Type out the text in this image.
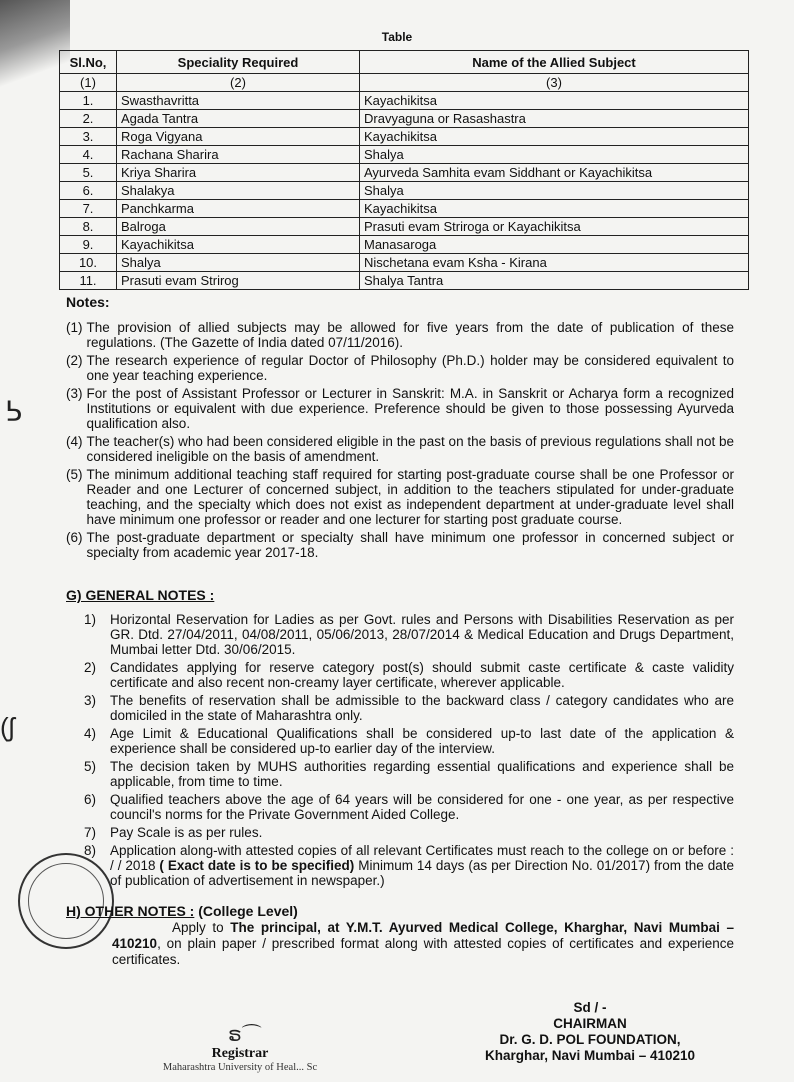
Table
Sl.No,	Speciality Required	Name of the Allied Subject
(1)	(2)	(3)
1.	Swasthavritta	Kayachikitsa
2.	Agada Tantra	Dravyaguna or Rasashastra
3.	Roga Vigyana	Kayachikitsa
4.	Rachana Sharira	Shalya
5.	Kriya Sharira	Ayurveda Samhita evam Siddhant or Kayachikitsa
6.	Shalakya	Shalya
7.	Panchkarma	Kayachikitsa
8.	Balroga	Prasuti evam Striroga or Kayachikitsa
9.	Kayachikitsa	Manasaroga
10.	Shalya	Nischetana evam Ksha - Kirana
11.	Prasuti evam Strirog	Shalya Tantra
Notes:
(1) The provision of allied subjects may be allowed for five years from the date of publication of these regulations. (The Gazette of India dated 07/11/2016).
(2) The research experience of regular Doctor of Philosophy (Ph.D.) holder may be considered equivalent to one year teaching experience.
(3) For the post of Assistant Professor or Lecturer in Sanskrit: M.A. in Sanskrit or Acharya form a recognized Institutions or equivalent with due experience. Preference should be given to those possessing Ayurveda qualification also.
(4) The teacher(s) who had been considered eligible in the past on the basis of previous regulations shall not be considered ineligible on the basis of amendment.
(5) The minimum additional teaching staff required for starting post-graduate course shall be one Professor or Reader and one Lecturer of concerned subject, in addition to the teachers stipulated for under-graduate teaching, and the specialty which does not exist as independent department at under-graduate level shall have minimum one professor or reader and one lecturer for starting post graduate course.
(6) The post-graduate department or specialty shall have minimum one professor in concerned subject or specialty from academic year 2017-18.
G) GENERAL NOTES :
1)	Horizontal Reservation for Ladies as per Govt. rules and Persons with Disabilities Reservation as per GR. Dtd. 27/04/2011, 04/08/2011, 05/06/2013, 28/07/2014 & Medical Education and Drugs Department, Mumbai letter Dtd. 30/06/2015.
2)	Candidates applying for reserve category post(s) should submit caste certificate & caste validity certificate and also recent non-creamy layer certificate, wherever applicable.
3)	The benefits of reservation shall be admissible to the backward class / category candidates who are domiciled in the state of Maharashtra only.
4)	Age Limit & Educational Qualifications shall be considered up-to last date of the application & experience shall be considered up-to earlier day of the interview.
5)	The decision taken by MUHS authorities regarding essential qualifications and experience shall be applicable, from time to time.
6)	Qualified teachers above the age of 64 years will be considered for one - one year, as per respective council's norms for the Private Government Aided College.
7)	Pay Scale is as per rules.
8)	Application along-with attested copies of all relevant Certificates must reach to the college on or before : / / 2018 ( Exact date is to be specified) Minimum 14 days (as per Direction No. 01/2017) from the date of publication of advertisement in newspaper.)
H) OTHER NOTES : (College Level)
Apply to The principal, at Y.M.T. Ayurved Medical College, Kharghar, Navi Mumbai – 410210, on plain paper / prescribed format along with attested copies of certificates and experience certificates.
Sd / -
CHAIRMAN
Dr. G. D. POL FOUNDATION,
Kharghar, Navi Mumbai – 410210
ຣ⌒
Registrar
Maharashtra University of Heal... Sc
ᕊ
(ʃ
